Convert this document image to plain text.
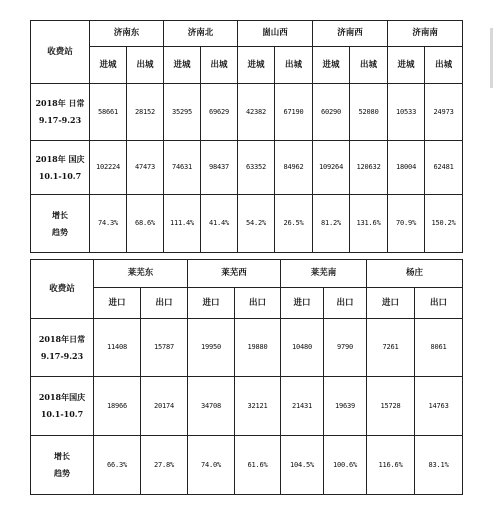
收费站	济南东		济南北		崮山西		济南西		济南南	
	进城	出城	进城	出城	进城	出城	进城	出城	进城	出城
2018年 日常
9.17-9.23	58661	28152	35295	69629	42382	67190	60290	52080	10533	24973
2018年 国庆
10.1-10.7	102224	47473	74631	98437	63352	84962	109264	120632	18004	62481
增长
趋势	74.3%	68.6%	111.4%	41.4%	54.2%	26.5%	81.2%	131.6%	70.9%	150.2%
收费站	莱芜东		莱芜西		莱芜南		杨庄	
	进口	出口	进口	出口	进口	出口	进口	出口
2018年日常
9.17-9.23	11408	15787	19950	19880	10480	9790	7261	8061
2018年国庆
10.1-10.7	18966	20174	34708	32121	21431	19639	15728	14763
增长
趋势	66.3%	27.8%	74.0%	61.6%	104.5%	100.6%	116.6%	83.1%
